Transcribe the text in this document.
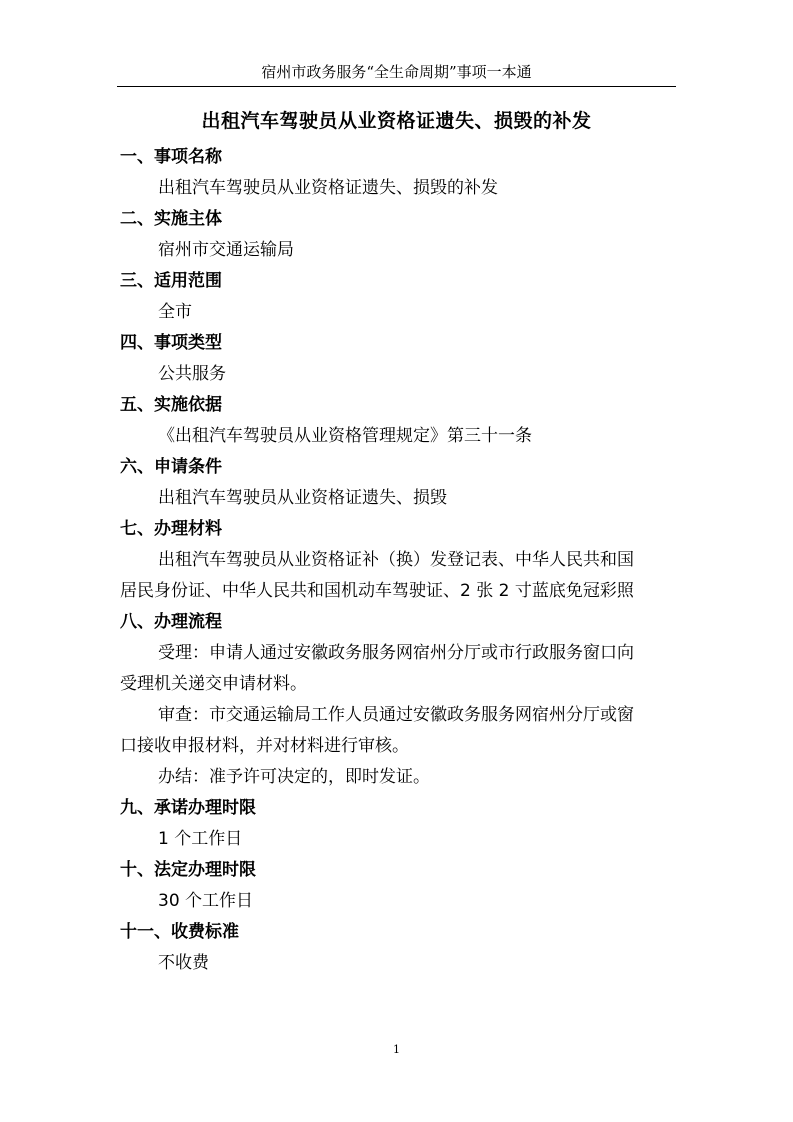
宿州市政务服务“全生命周期”事项一本通
出租汽车驾驶员从业资格证遗失、损毁的补发
一、事项名称
出租汽车驾驶员从业资格证遗失、损毁的补发
二、实施主体
宿州市交通运输局
三、适用范围
全市
四、事项类型
公共服务
五、实施依据
《出租汽车驾驶员从业资格管理规定》第三十一条
六、申请条件
出租汽车驾驶员从业资格证遗失、损毁
七、办理材料
出租汽车驾驶员从业资格证补（换）发登记表、中华人民共和国
居民身份证、中华人民共和国机动车驾驶证、2 张 2 寸蓝底免冠彩照
八、办理流程
受理：申请人通过安徽政务服务网宿州分厅或市行政服务窗口向
受理机关递交申请材料。
审查：市交通运输局工作人员通过安徽政务服务网宿州分厅或窗
口接收申报材料，并对材料进行审核。
办结：准予许可决定的，即时发证。
九、承诺办理时限
1 个工作日
十、法定办理时限
30 个工作日
十一、收费标准
不收费
1
